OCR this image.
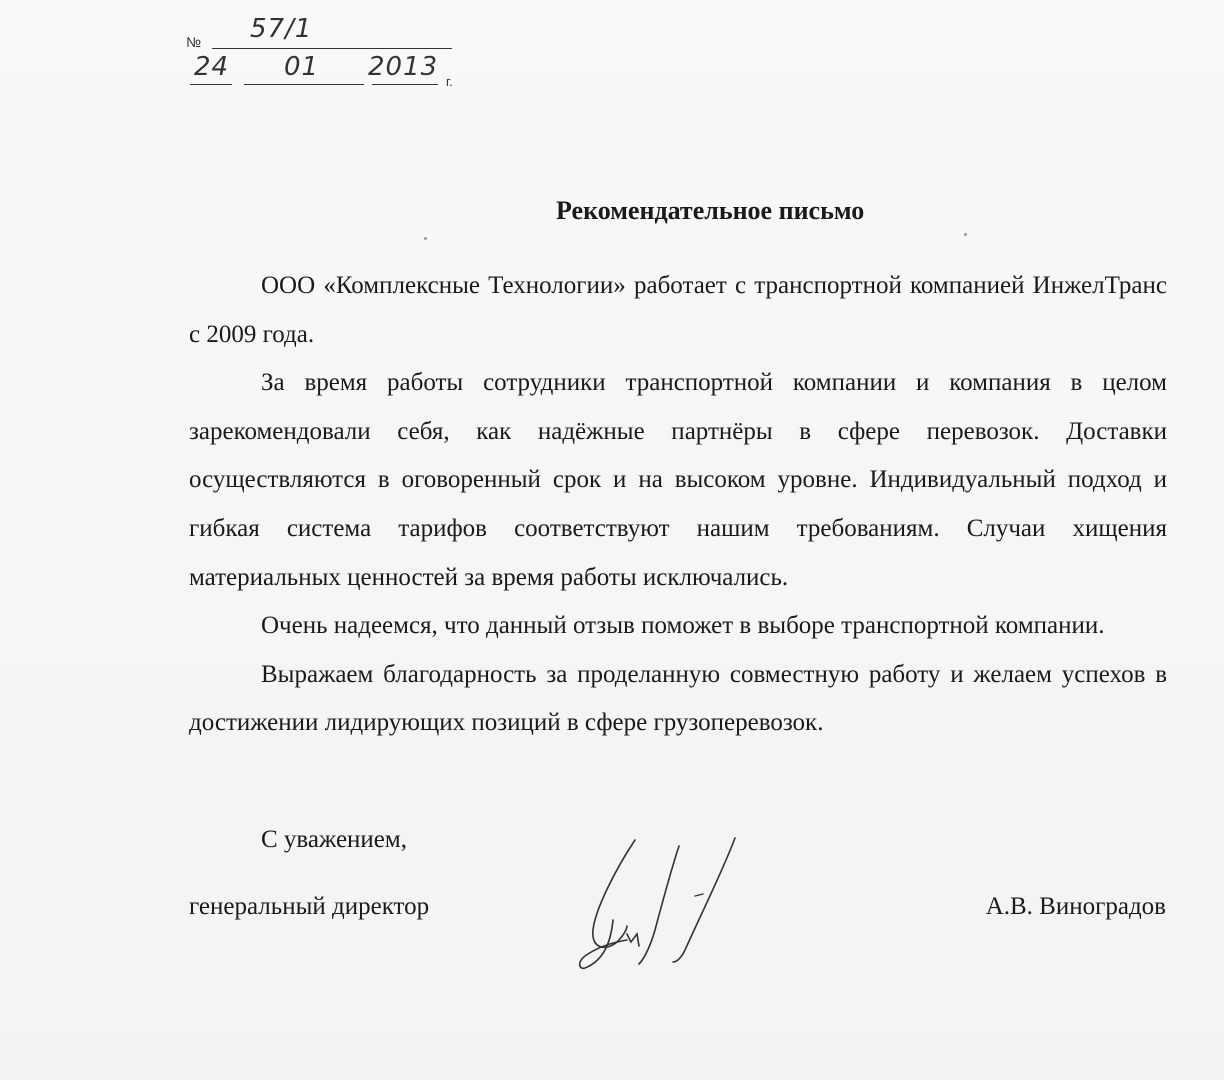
№ 57/1
24 01 2013 г.
Рекомендательное письмо

ООО «Комплексные Технологии» работает с транспортной компанией ИнжелТранс с 2009 года.

За время работы сотрудники транспортной компании и компания в целом зарекомендовали себя, как надёжные партнёры в сфере перевозок. Доставки осуществляются в оговоренный срок и на высоком уровне. Индивидуальный подход и гибкая система тарифов соответствуют нашим требованиям. Случаи хищения материальных ценностей за время работы исключались.

Очень надеемся, что данный отзыв поможет в выборе транспортной компании.

Выражаем благодарность за проделанную совместную работу и желаем успехов в достижении лидирующих позиций в сфере грузоперевозок.

С уважением,
генеральный директор	А.В. Виноградов
